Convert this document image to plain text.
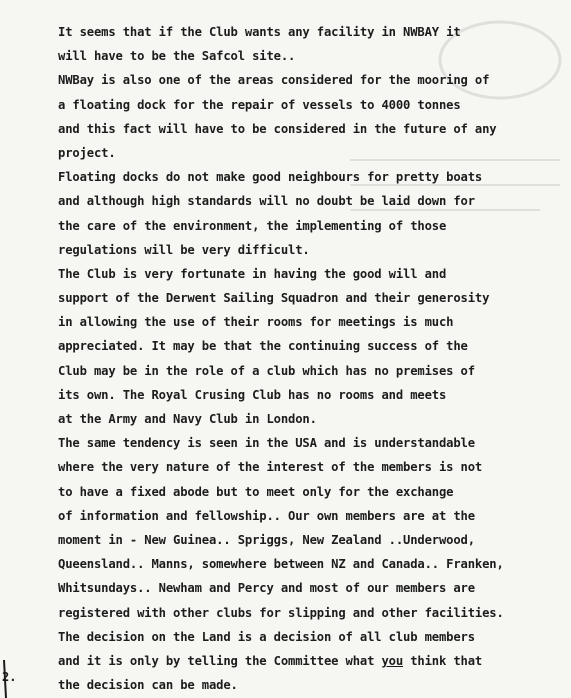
It seems that if the Club wants any facility in NWBAY it
will have to be the Safcol site..
NWBay is also one of the areas considered for the mooring of
a floating dock for the repair of vessels to 4000 tonnes
and this fact will have to be considered in the future of any
project.
Floating docks do not make good neighbours for pretty boats
and although high standards will no doubt be laid down for
the care of the environment, the implementing of those
regulations will be very difficult.
The Club is very fortunate in having the good will and
support of the Derwent Sailing Squadron and their generosity
in allowing the use of their rooms for meetings is much
appreciated. It may be that the continuing success of the
Club may be in the role of a club which has no premises of
its own. The Royal Crusing Club has no rooms and meets
at the Army and Navy Club in London.
The same tendency is seen in the USA and is understandable
where the very nature of the interest of the members is not
to have a fixed abode but to meet only for the exchange
of information and fellowship.. Our own members are at the
moment in - New Guinea.. Spriggs, New Zealand ..Underwood,
Queensland.. Manns, somewhere between NZ and Canada.. Franken,
Whitsundays.. Newham and Percy and most of our members are
registered with other clubs for slipping and other facilities.
The decision on the Land is a decision of all club members
and it is only by telling the Committee what you think that
the decision can be made.
2.
